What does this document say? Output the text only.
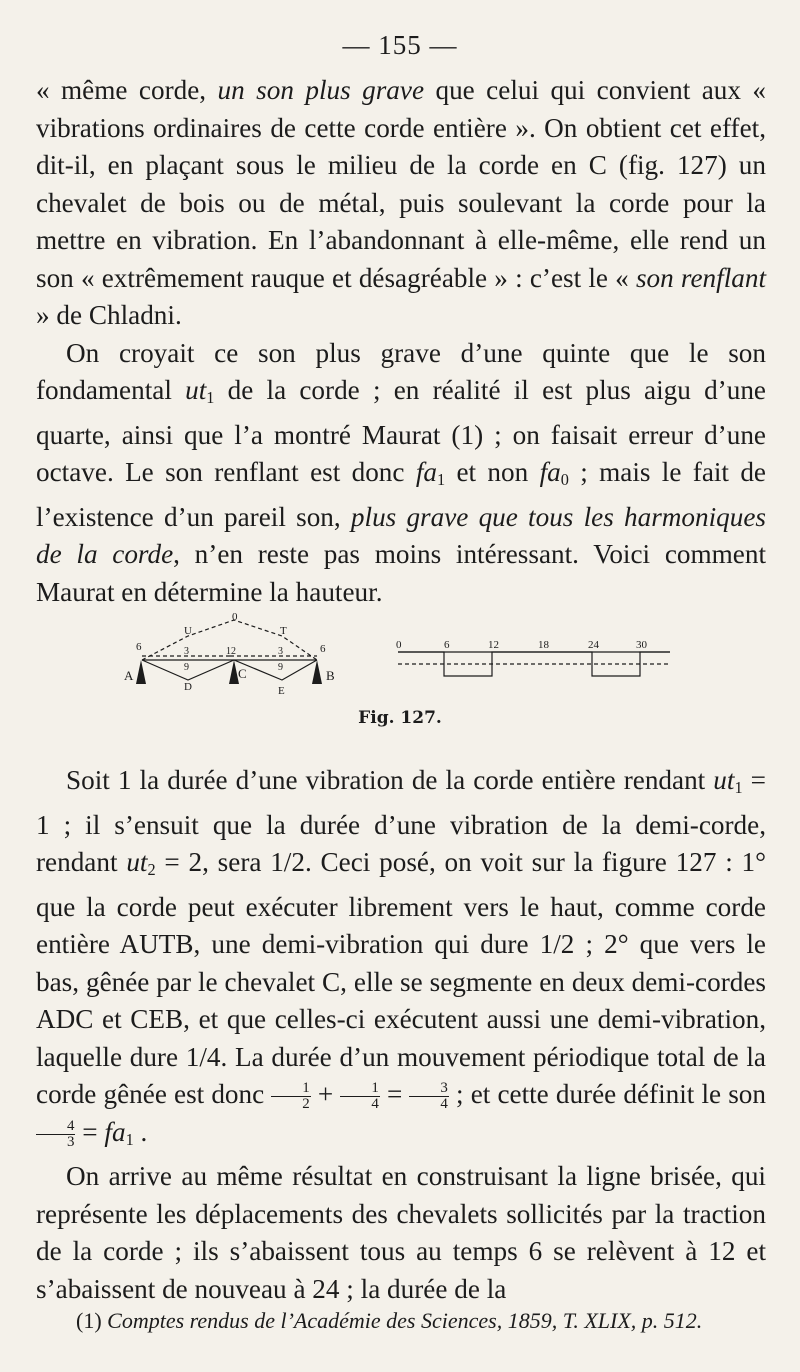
— 155 —

« même corde, un son plus grave que celui qui convient aux « vibrations ordinaires de cette corde entière ». On obtient cet effet, dit-il, en plaçant sous le milieu de la corde en C (fig. 127) un chevalet de bois ou de métal, puis soulevant la corde pour la mettre en vibration. En l’abandonnant à elle-même, elle rend un son « extrêmement rauque et désagréable » : c’est le « son renflant » de Chladni.

On croyait ce son plus grave d’une quinte que le son fondamental $ut_1$ de la corde ; en réalité il est plus aigu d’une quarte, ainsi que l’a montré Maurat (1) ; on faisait erreur d’une octave. Le son renflant est donc $fa_1$ et non $fa_0$ ; mais le fait de l’existence d’un pareil son, plus grave que tous les harmoniques de la corde, n’en reste pas moins intéressant. Voici comment Maurat en détermine la hauteur.

A	B
C
D	E
U	T
0
6	6
3	3
9	9
12
0	6	12	18	24	30
Fig. 127.

Soit 1 la durée d’une vibration de la corde entière rendant $ut_1 = 1$ ; il s’ensuit que la durée d’une vibration de la demi-corde, rendant $ut_2 = 2$, sera 1/2. Ceci posé, on voit sur la figure 127 : 1° que la corde peut exécuter librement vers le haut, comme corde entière AUTB, une demi-vibration qui dure 1/2 ; 2° que vers le bas, gênée par le chevalet C, elle se segmente en deux demi-cordes ADC et CEB, et que celles-ci exécutent aussi une demi-vibration, laquelle dure 1/4. La durée d’un mouvement périodique total de la corde gênée est donc $\frac{1}{2} + \frac{1}{4} = \frac{3}{4}$ ; et cette durée définit le son
$\frac{4}{3} = fa_1$ .

On arrive au même résultat en construisant la ligne brisée, qui représente les déplacements des chevalets sollicités par la traction de la corde ; ils s’abaissent tous au temps 6 se relèvent à 12 et s’abaissent de nouveau à 24 ; la durée de la

(1) Comptes rendus de l’Académie des Sciences, 1859, T. XLIX, p. 512.
